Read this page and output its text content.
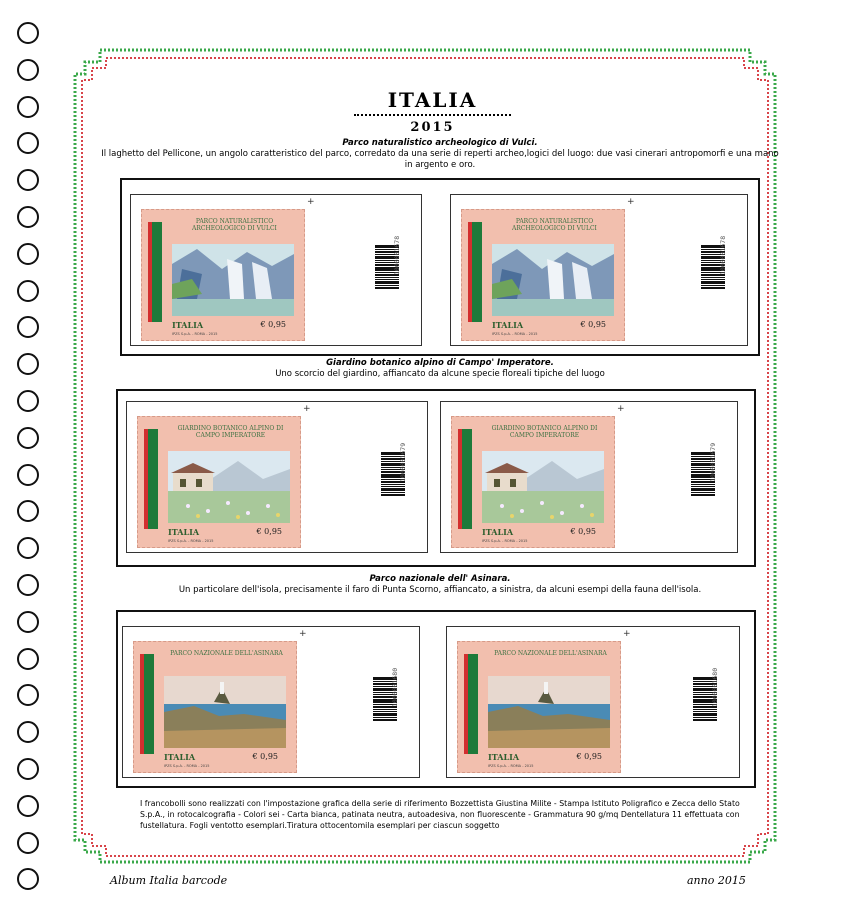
ITALIA
2015
Parco naturalistico archeologico di Vulci.
Il laghetto del Pellicone, un angolo caratteristico del parco, corredato da una serie di reperti archeo,logici del luogo: due vasi cinerari antropomorfi e una mano in argento e oro.
Giardino botanico alpino di Campo' Imperatore.
Uno scorcio del giardino, affiancato da alcune specie floreali tipiche del luogo
Parco nazionale dell' Asinara.
Un particolare dell'isola, precisamente il faro di Punta Scorno, affiancato, a sinistra, da alcuni esempi della fauna dell'isola.
PARCO NATURALISTICO ARCHEOLOGICO DI VULCI
ITALIA	€ 0,95
IPZS S.p.A. - ROMA - 2015
+
1000001678
PARCO NATURALISTICO ARCHEOLOGICO DI VULCI
ITALIA	€ 0,95
IPZS S.p.A. - ROMA - 2015
+
1000001678
GIARDINO BOTANICO ALPINO DI CAMPO IMPERATORE
ITALIA	€ 0,95
IPZS S.p.A. - ROMA - 2015
+
1000001679
GIARDINO BOTANICO ALPINO DI CAMPO IMPERATORE
ITALIA	€ 0,95
IPZS S.p.A. - ROMA - 2015
+
1000001679
PARCO NAZIONALE DELL'ASINARA
ITALIA	€ 0,95
IPZS S.p.A. - ROMA - 2015
+
1000001680
PARCO NAZIONALE DELL'ASINARA
ITALIA	€ 0,95
IPZS S.p.A. - ROMA - 2015
+
1000001680
I francobolli sono realizzati con l'impostazione grafica della serie di riferimento Bozzettista Giustina Milite - Stampa Istituto Poligrafico e Zecca dello Stato S.p.A., in rotocalcografia - Colori sei - Carta bianca, patinata neutra, autoadesiva, non fluorescente - Grammatura 90 g/mq Dentellatura 11 effettuata con fustellatura. Fogli ventotto esemplari.Tiratura ottocentomila esemplari per ciascun soggetto
Album Italia barcode	anno 2015
